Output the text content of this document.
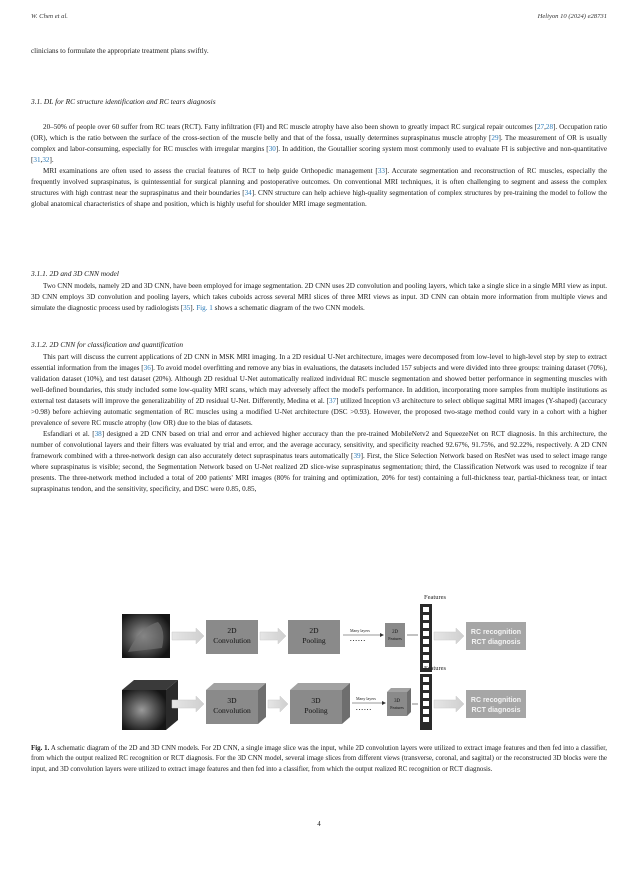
W. Chen et al.	Heliyon 10 (2024) e28731

clinicians to formulate the appropriate treatment plans swiftly.

3.1. DL for RC structure identification and RC tears diagnosis

20–50% of people over 60 suffer from RC tears (RCT). Fatty infiltration (FI) and RC muscle atrophy have also been shown to greatly impact RC surgical repair outcomes [27,28]. Occupation ratio (OR), which is the ratio between the surface of the cross-section of the muscle belly and that of the fossa, usually determines supraspinatus muscle atrophy [29]. The measurement of OR is usually complex and labor-consuming, especially for RC muscles with irregular margins [30]. In addition, the Goutallier scoring system most commonly used to evaluate FI is subjective and non-quantitative [31,32].

MRI examinations are often used to assess the crucial features of RCT to help guide Orthopedic management [33]. Accurate segmentation and reconstruction of RC muscles, especially the frequently involved supraspinatus, is quintessential for surgical planning and postoperative outcomes. On conventional MRI techniques, it is often challenging to segment and assess the complex structures with high contrast near the supraspinatus and their boundaries [34]. CNN structure can help achieve high-quality segmentation of complex structures by pre-training the model to follow the global anatomical characteristics of shape and position, which is highly useful for shoulder MRI image segmentation.

3.1.1. 2D and 3D CNN model

Two CNN models, namely 2D and 3D CNN, have been employed for image segmentation. 2D CNN uses 2D convolution and pooling layers, which take a single slice in a single MRI view as input. 3D CNN employs 3D convolution and pooling layers, which takes cuboids across several MRI slices of three MRI views as input. 3D CNN can obtain more information from multiple views and simulate the diagnostic process used by radiologists [35]. Fig. 1 shows a schematic diagram of the two CNN models.

3.1.2. 2D CNN for classification and quantification

This part will discuss the current applications of 2D CNN in MSK MRI imaging. In a 2D residual U-Net architecture, images were decomposed from low-level to high-level step by step to extract essential information from the images [36]. To avoid model overfitting and remove any bias in evaluations, the datasets included 157 subjects and were divided into three groups: training dataset (70%), validation dataset (10%), and test dataset (20%). Although 2D residual U-Net automatically realized individual RC muscle segmentation and showed better performance in segmenting muscles with well-defined boundaries, this study included some low-quality MRI scans, which may adversely affect the model's performance. In addition, incorporating more samples from multiple institutions as external test datasets will improve the generalizability of 2D residual U-Net. Differently, Medina et al. [37] utilized Inception v3 architecture to select oblique sagittal MRI images (Y-shaped) (accuracy >0.98) before achieving automatic segmentation of RC muscles using a modified U-Net architecture (DSC >0.93). However, the proposed two-stage method could vary in a cohort with a higher prevalence of severe RC muscle atrophy (low OR) due to the bias of datasets.

Esfandiari et al. [38] designed a 2D CNN based on trial and error and achieved higher accuracy than the pre-trained MobileNetv2 and SqueezeNet on RCT diagnosis. In this architecture, the number of convolutional layers and their filters was evaluated by trial and error, and the average accuracy, sensitivity, and specificity reached 92.67%, 91.75%, and 92.22%, respectively. A 2D CNN framework combined with a three-network design can also accurately detect supraspinatus tears automatically [39]. First, the Slice Selection Network based on ResNet was used to select image range where supraspinatus is visible; second, the Segmentation Network based on U-Net realized 2D slice-wise supraspinatus segmentation; third, the Classification Network was used to recognize if tear presents. The three-network method included a total of 200 patients' MRI images (80% for training and optimization, 20% for test) containing a full-thickness tear, partial-thickness tear, or intact supraspinatus tendon, and the sensitivity, specificity, and DSC were 0.85, 0.85,

2D
Convolution
2D
Pooling
Many layers
• • • • • •
2D
Features
Features
RC recognition
RCT diagnosis
3D
Convolution
3D
Pooling
Many layers
• • • • • •
3D
Features
Features
RC recognition
RCT diagnosis
Fig. 1. A schematic diagram of the 2D and 3D CNN models. For 2D CNN, a single image slice was the input, while 2D convolution layers were utilized to extract image features and then fed into a classifier, from which the output realized RC recognition or RCT diagnosis. For the 3D CNN model, several image slices from different views (transverse, coronal, and sagittal) or the reconstructed 3D blocks were the input, and 3D convolution layers were utilized to extract image features and then fed into a classifier, from which the output realized RC recognition or RCT diagnosis.
4
